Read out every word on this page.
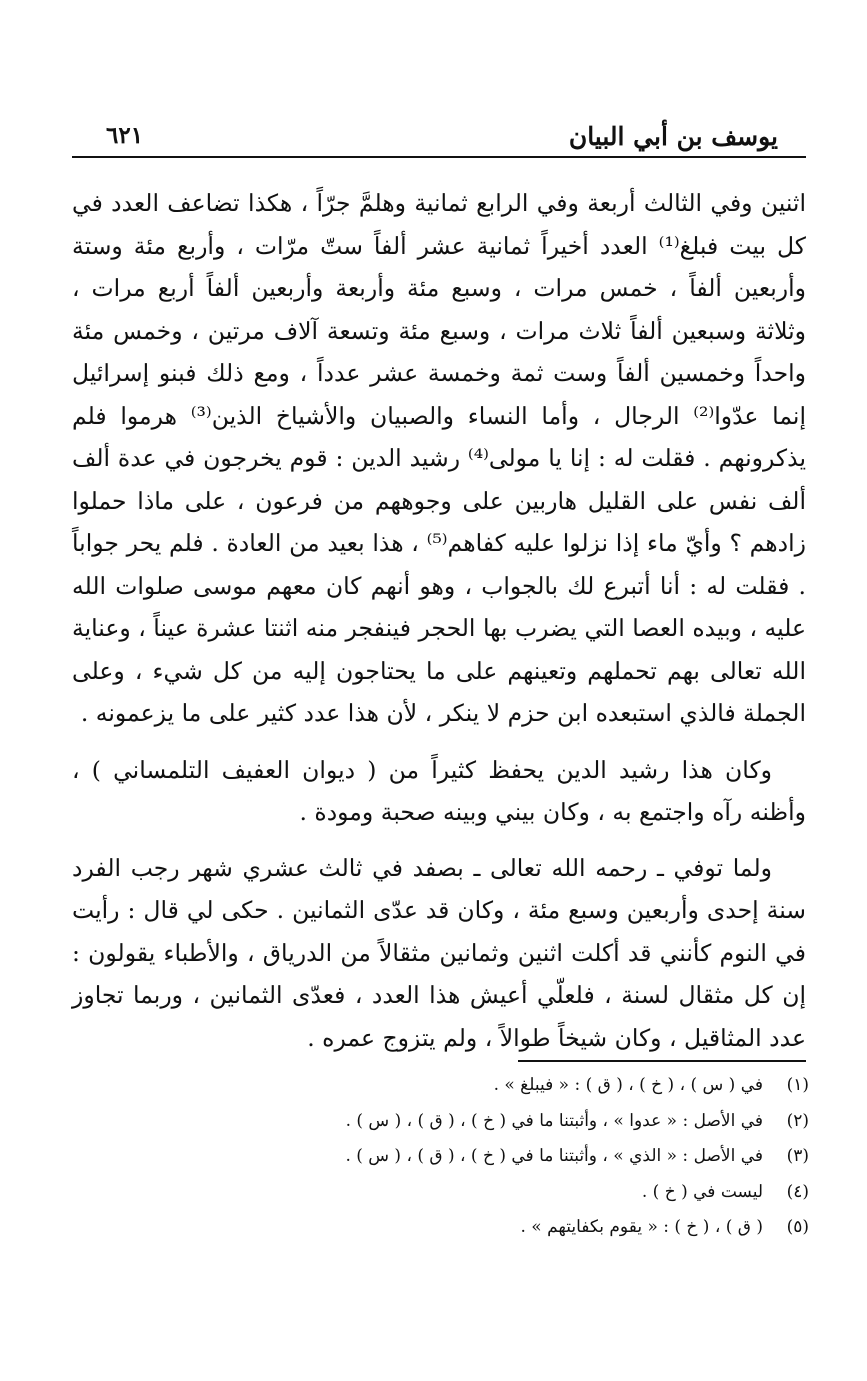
يوسف بن أبي البيان
٦٢١

اثنين وفي الثالث أربعة وفي الرابع ثمانية وهلمَّ جرّاً ، هكذا تضاعف العدد في كل بيت فبلغ⁽¹⁾ العدد أخيراً ثمانية عشر ألفاً ستّ مرّات ، وأربع مئة وستة وأربعين ألفاً ، خمس مرات ، وسبع مئة وأربعة وأربعين ألفاً أربع مرات ، وثلاثة وسبعين ألفاً ثلاث مرات ، وسبع مئة وتسعة آلاف مرتين ، وخمس مئة واحداً وخمسين ألفاً وست ثمة وخمسة عشر عدداً ، ومع ذلك فبنو إسرائيل إنما عدّوا⁽²⁾ الرجال ، وأما النساء والصبيان والأشياخ الذين⁽³⁾ هرموا فلم يذكرونهم . فقلت له : إنا يا مولى⁽⁴⁾ رشيد الدين : قوم يخرجون في عدة ألف ألف نفس على القليل هاربين على وجوههم من فرعون ، على ماذا حملوا زادهم ؟ وأيّ ماء إذا نزلوا عليه كفاهم⁽⁵⁾ ، هذا بعيد من العادة . فلم يحر جواباً . فقلت له : أنا أتبرع لك بالجواب ، وهو أنهم كان معهم موسى صلوات الله عليه ، وبيده العصا التي يضرب بها الحجر فينفجر منه اثنتا عشرة عيناً ، وعناية الله تعالى بهم تحملهم وتعينهم على ما يحتاجون إليه من كل شيء ، وعلى الجملة فالذي استبعده ابن حزم لا ينكر ، لأن هذا عدد كثير على ما يزعمونه .

وكان هذا رشيد الدين يحفظ كثيراً من ( ديوان العفيف التلمساني ) ، وأظنه رآه واجتمع به ، وكان بيني وبينه صحبة ومودة .

ولما توفي ـ رحمه الله تعالى ـ بصفد في ثالث عشري شهر رجب الفرد سنة إحدى وأربعين وسبع مئة ، وكان قد عدّى الثمانين . حكى لي قال : رأيت في النوم كأنني قد أكلت اثنين وثمانين مثقالاً من الدرياق ، والأطباء يقولون : إن كل مثقال لسنة ، فلعلّي أعيش هذا العدد ، فعدّى الثمانين ، وربما تجاوز عدد المثاقيل ، وكان شيخاً طوالاً ، ولم يتزوج عمره .

(١)
في ( س ) ، ( خ ) ، ( ق ) : « فيبلغ » .
(٢)
في الأصل : « عدوا » ، وأثبتنا ما في ( خ ) ، ( ق ) ، ( س ) .
(٣)
في الأصل : « الذي » ، وأثبتنا ما في ( خ ) ، ( ق ) ، ( س ) .
(٤)
ليست في ( خ ) .
(٥)
( ق ) ، ( خ ) : « يقوم بكفايتهم » .
